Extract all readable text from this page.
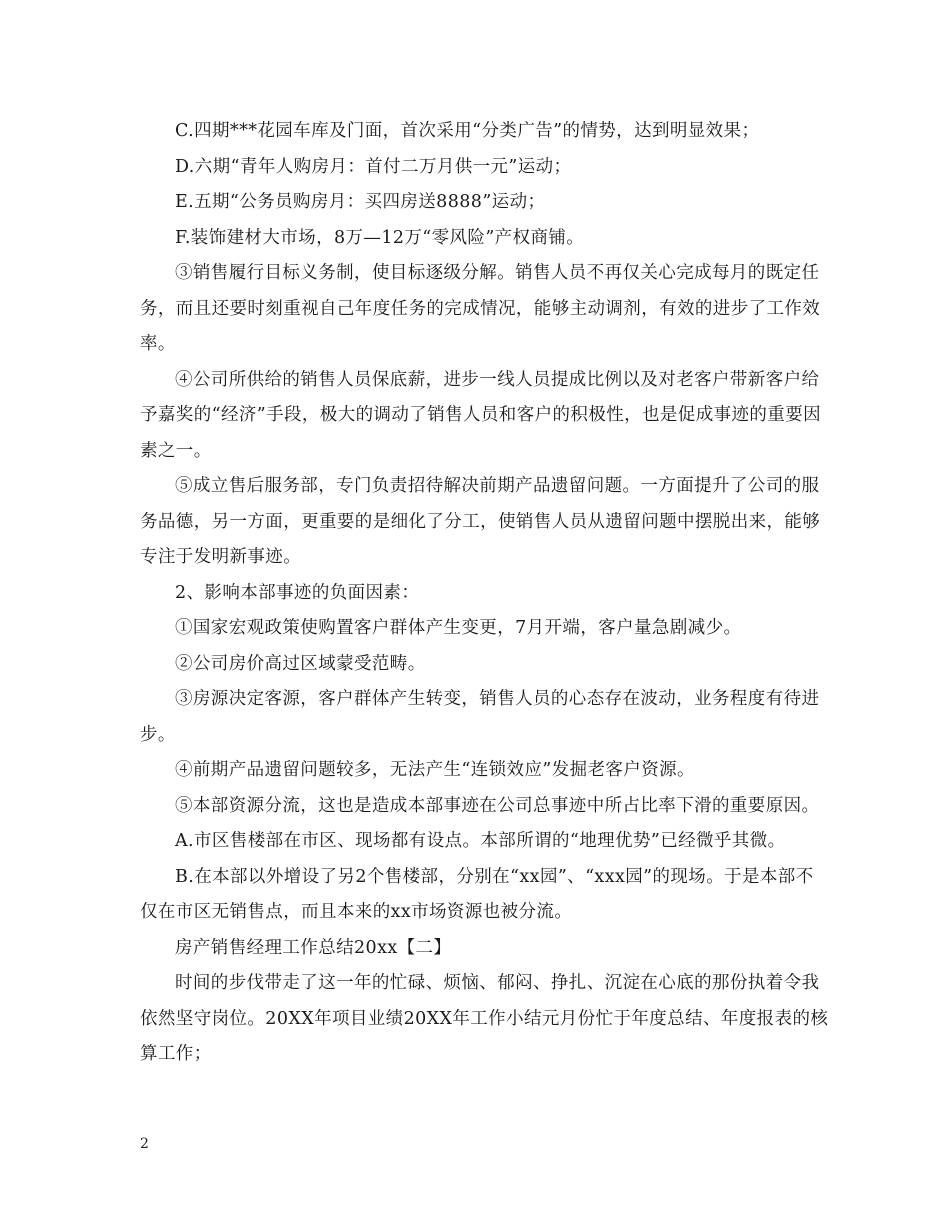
C.四期***花园车库及门面，首次采用“分类广告”的情势，达到明显效果；

D.六期“青年人购房月：首付二万月供一元”运动；

E.五期“公务员购房月：买四房送8888”运动；

F.装饰建材大市场，8万—12万“零风险”产权商铺。

③销售履行目标义务制，使目标逐级分解。销售人员不再仅关心完成每月的既定任务，而且还要时刻重视自己年度任务的完成情况，能够主动调剂，有效的进步了工作效率。

④公司所供给的销售人员保底薪，进步一线人员提成比例以及对老客户带新客户给予嘉奖的“经济”手段，极大的调动了销售人员和客户的积极性，也是促成事迹的重要因素之一。

⑤成立售后服务部，专门负责招待解决前期产品遗留问题。一方面提升了公司的服务品德，另一方面，更重要的是细化了分工，使销售人员从遗留问题中摆脱出来，能够专注于发明新事迹。

2、影响本部事迹的负面因素：

①国家宏观政策使购置客户群体产生变更，7月开端，客户量急剧减少。

②公司房价高过区域蒙受范畴。

③房源决定客源，客户群体产生转变，销售人员的心态存在波动，业务程度有待进步。

④前期产品遗留问题较多，无法产生“连锁效应”发掘老客户资源。

⑤本部资源分流，这也是造成本部事迹在公司总事迹中所占比率下滑的重要原因。

A.市区售楼部在市区、现场都有设点。本部所谓的“地理优势”已经微乎其微。

B.在本部以外增设了另2个售楼部，分别在“xx园”、“xxx园”的现场。于是本部不仅在市区无销售点，而且本来的xx市场资源也被分流。

房产销售经理工作总结20xx【二】

时间的步伐带走了这一年的忙碌、烦恼、郁闷、挣扎、沉淀在心底的那份执着令我依然坚守岗位。20XX年项目业绩20XX年工作小结元月份忙于年度总结、年度报表的核算工作；

2
